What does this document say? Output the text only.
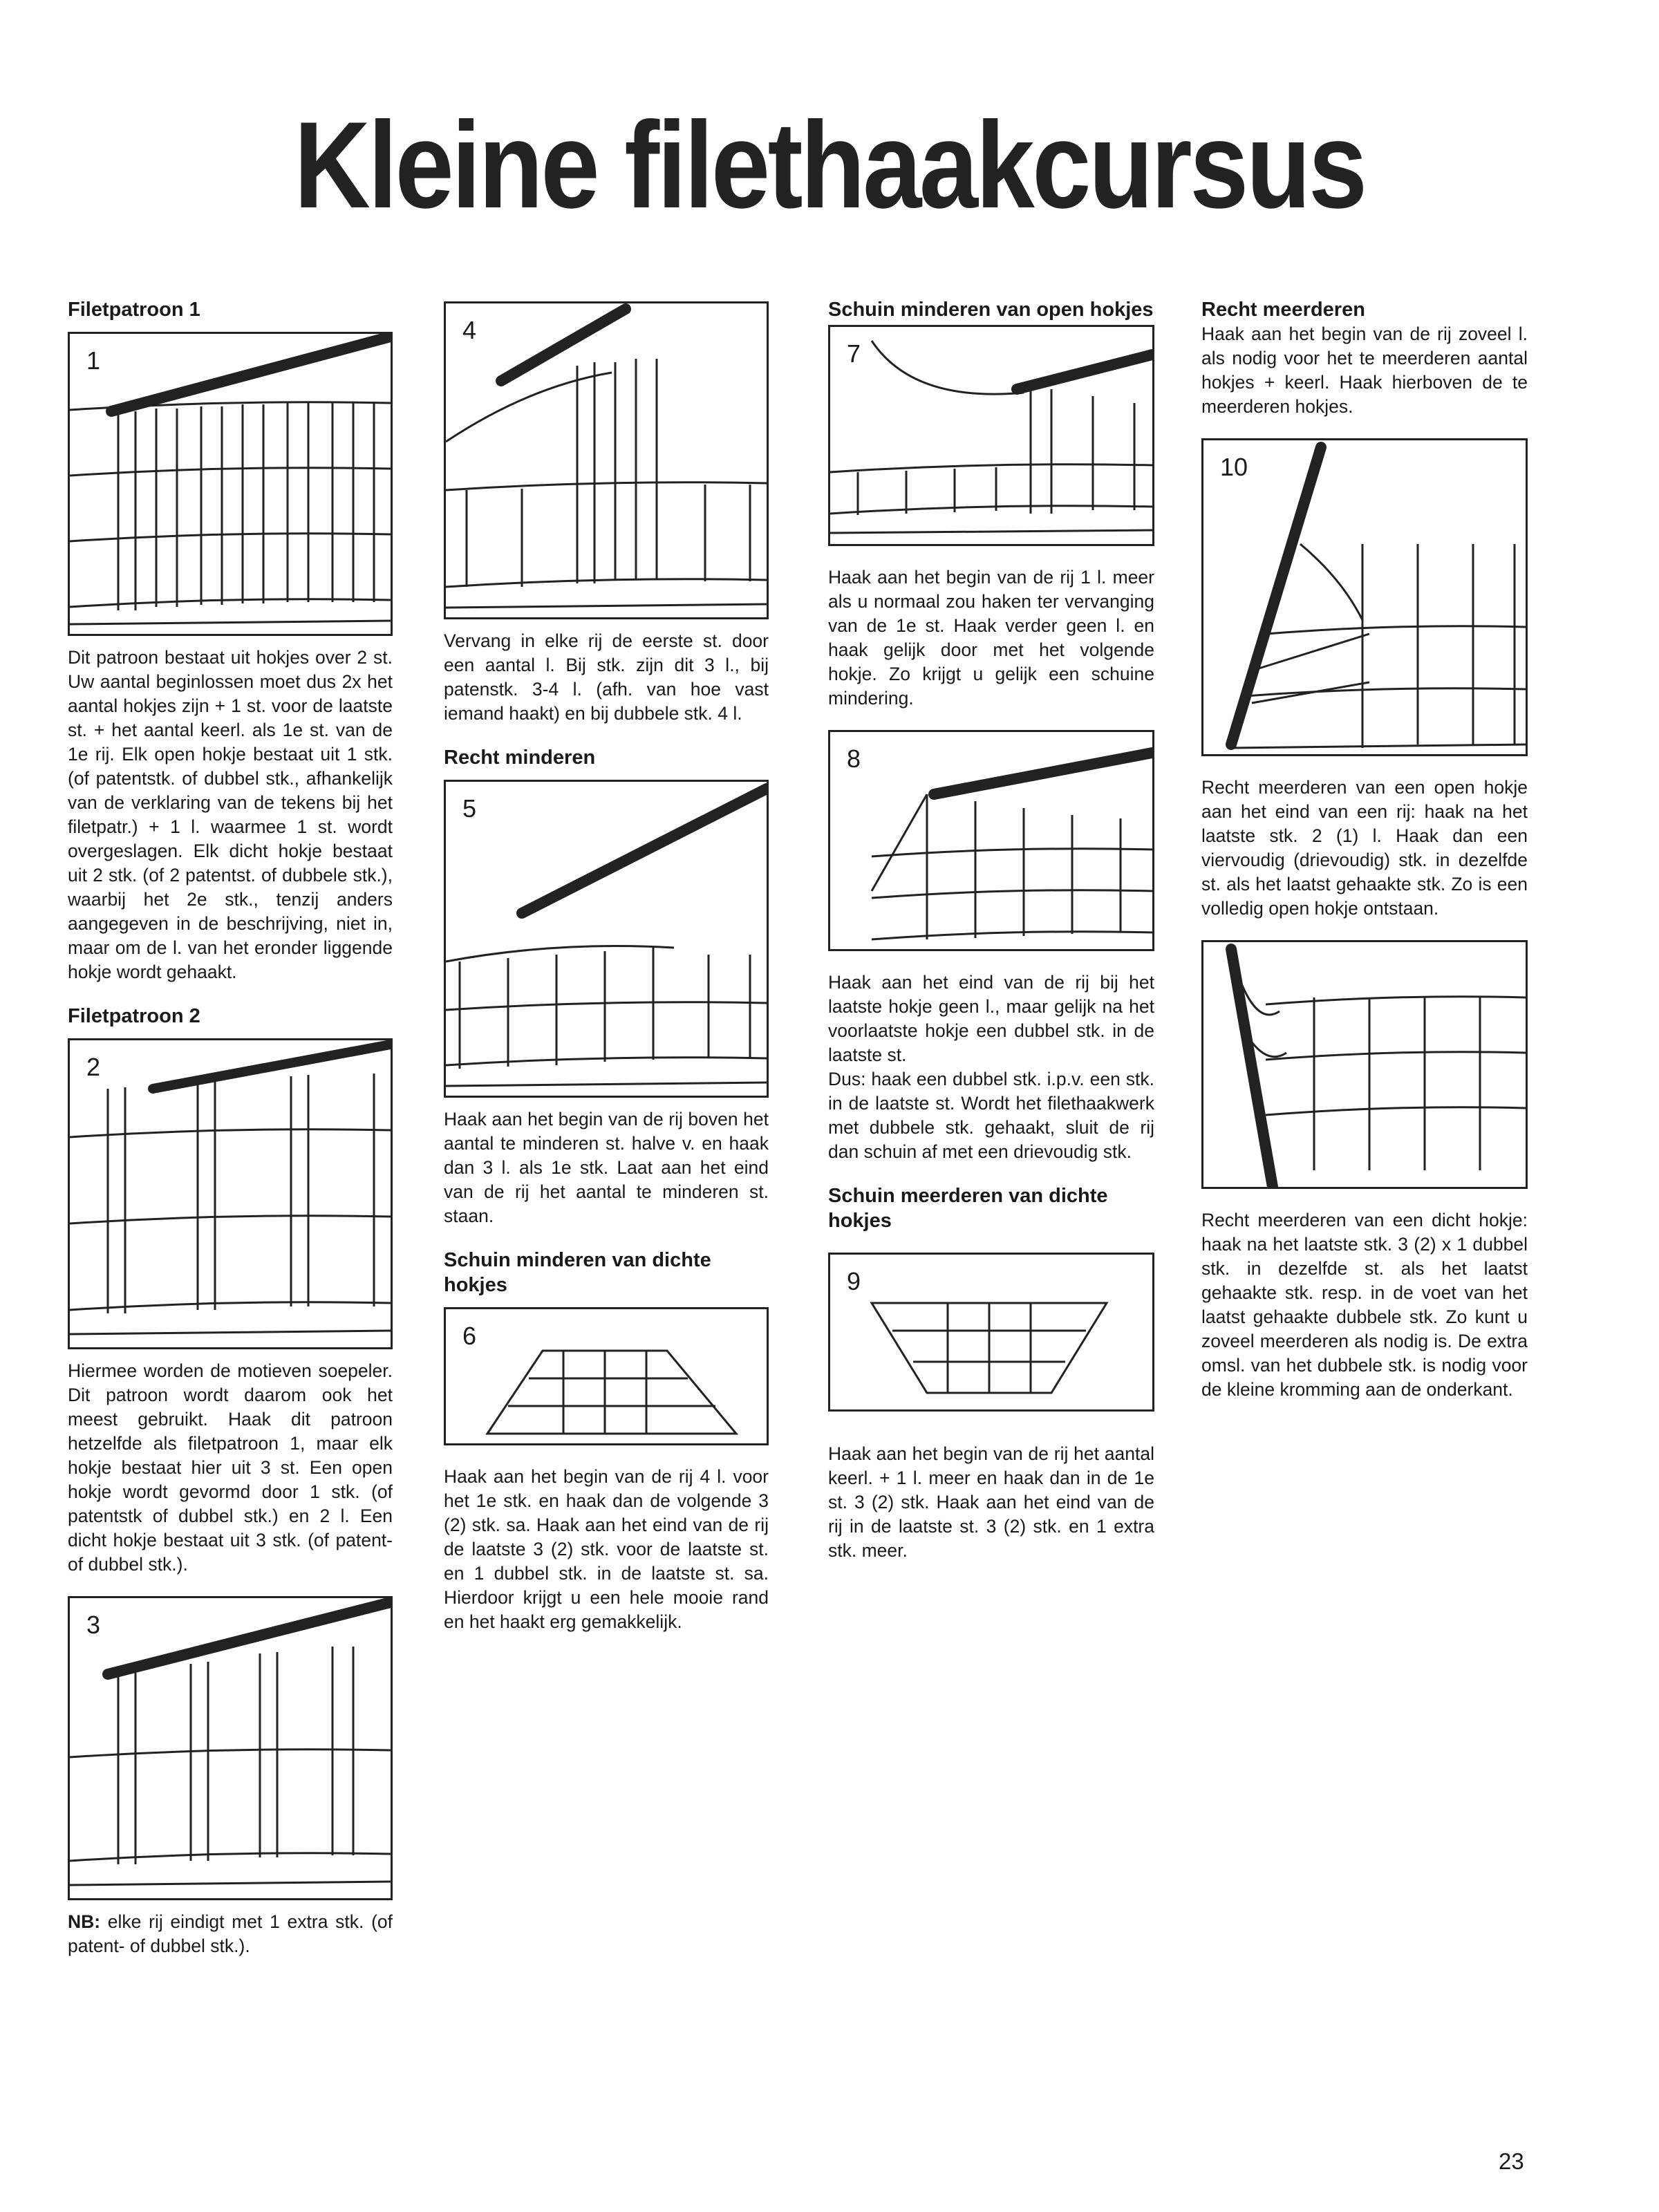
Kleine filethaakcursus

Filetpatroon 1

1

Dit patroon bestaat uit hokjes over 2 st. Uw aantal beginlossen moet dus 2x het aantal hokjes zijn + 1 st. voor de laatste st. + het aantal keerl. als 1e st. van de 1e rij. Elk open hokje bestaat uit 1 stk. (of patentstk. of dubbel stk., afhankelijk van de verklaring van de tekens bij het filetpatr.) + 1 l. waarmee 1 st. wordt overgeslagen. Elk dicht hokje bestaat uit 2 stk. (of 2 patentst. of dubbele stk.), waarbij het 2e stk., tenzij anders aangegeven in de beschrijving, niet in, maar om de l. van het eronder liggende hokje wordt gehaakt.

Filetpatroon 2

2

Hiermee worden de motieven soepeler. Dit patroon wordt daarom ook het meest gebruikt. Haak dit patroon hetzelfde als filetpatroon 1, maar elk hokje bestaat hier uit 3 st. Een open hokje wordt gevormd door 1 stk. (of patentstk of dubbel stk.) en 2 l. Een dicht hokje bestaat uit 3 stk. (of patent- of dubbel stk.).

3

NB: elke rij eindigt met 1 extra stk. (of patent- of dubbel stk.).

4

Vervang in elke rij de eerste st. door een aantal l. Bij stk. zijn dit 3 l., bij patenstk. 3-4 l. (afh. van hoe vast iemand haakt) en bij dubbele stk. 4 l.

Recht minderen

5

Haak aan het begin van de rij boven het aantal te minderen st. halve v. en haak dan 3 l. als 1e stk. Laat aan het eind van de rij het aantal te minderen st. staan.

Schuin minderen van dichte hokjes

6

Haak aan het begin van de rij 4 l. voor het 1e stk. en haak dan de volgende 3 (2) stk. sa. Haak aan het eind van de rij de laatste 3 (2) stk. voor de laatste st. en 1 dubbel stk. in de laatste st. sa. Hierdoor krijgt u een hele mooie rand en het haakt erg gemakkelijk.

Schuin minderen van open hokjes

7

Haak aan het begin van de rij 1 l. meer als u normaal zou haken ter vervanging van de 1e st. Haak verder geen l. en haak gelijk door met het volgende hokje. Zo krijgt u gelijk een schuine mindering.

8

Haak aan het eind van de rij bij het laatste hokje geen l., maar gelijk na het voorlaatste hokje een dubbel stk. in de laatste st.

Dus: haak een dubbel stk. i.p.v. een stk. in de laatste st. Wordt het filethaakwerk met dubbele stk. gehaakt, sluit de rij dan schuin af met een drievoudig stk.

Schuin meerderen van dichte hokjes

9

Haak aan het begin van de rij het aantal keerl. + 1 l. meer en haak dan in de 1e st. 3 (2) stk. Haak aan het eind van de rij in de laatste st. 3 (2) stk. en 1 extra stk. meer.

Recht meerderen

Haak aan het begin van de rij zoveel l. als nodig voor het te meerderen aantal hokjes + keerl. Haak hierboven de te meerderen hokjes.

10

Recht meerderen van een open hokje aan het eind van een rij: haak na het laatste stk. 2 (1) l. Haak dan een viervoudig (drievoudig) stk. in dezelfde st. als het laatst gehaakte stk. Zo is een volledig open hokje ontstaan.

Recht meerderen van een dicht hokje: haak na het laatste stk. 3 (2) x 1 dubbel stk. in dezelfde st. als het laatst gehaakte stk. resp. in de voet van het laatst gehaakte dubbele stk. Zo kunt u zoveel meerderen als nodig is. De extra omsl. van het dubbele stk. is nodig voor de kleine kromming aan de onderkant.

23
